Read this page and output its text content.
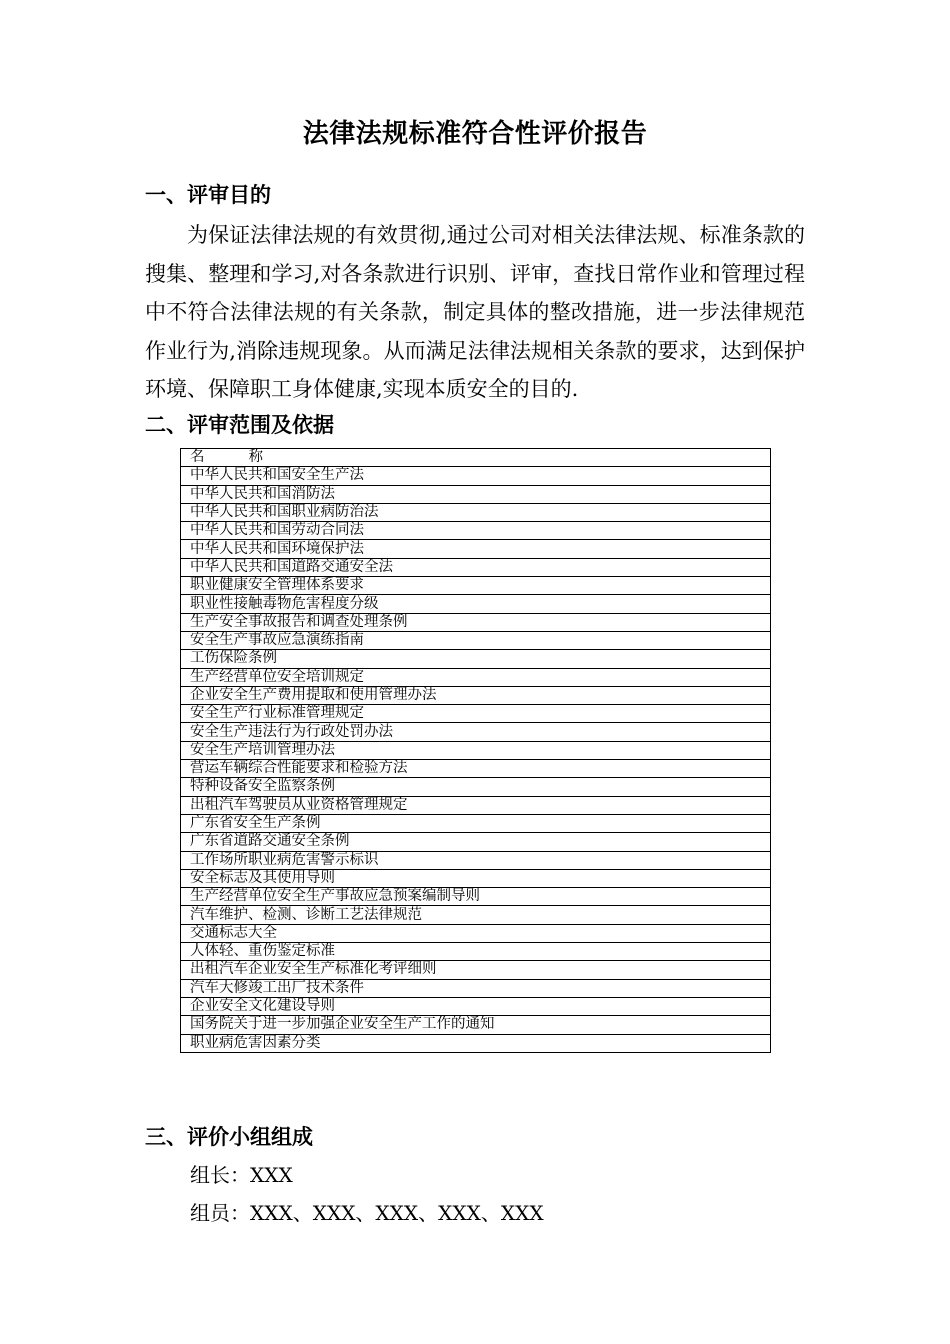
法律法规标准符合性评价报告
一、评审目的
为保证法律法规的有效贯彻,通过公司对相关法律法规、标准条款的搜集、整理和学习,对各条款进行识别、评审，查找日常作业和管理过程中不符合法律法规的有关条款，制定具体的整改措施，进一步法律规范作业行为,消除违规现象。从而满足法律法规相关条款的要求，达到保护环境、保障职工身体健康,实现本质安全的目的.
二、评审范围及依据
名	称
中华人民共和国安全生产法
中华人民共和国消防法
中华人民共和国职业病防治法
中华人民共和国劳动合同法
中华人民共和国环境保护法
中华人民共和国道路交通安全法
职业健康安全管理体系要求
职业性接触毒物危害程度分级
生产安全事故报告和调查处理条例
安全生产事故应急演练指南
工伤保险条例
生产经营单位安全培训规定
企业安全生产费用提取和使用管理办法
安全生产行业标准管理规定
安全生产违法行为行政处罚办法
安全生产培训管理办法
营运车辆综合性能要求和检验方法
特种设备安全监察条例
出租汽车驾驶员从业资格管理规定
广东省安全生产条例
广东省道路交通安全条例
工作场所职业病危害警示标识
安全标志及其使用导则
生产经营单位安全生产事故应急预案编制导则
汽车维护、检测、诊断工艺法律规范
交通标志大全
人体轻、重伤鉴定标准
出租汽车企业安全生产标准化考评细则
汽车大修竣工出厂技术条件
企业安全文化建设导则
国务院关于进一步加强企业安全生产工作的通知
职业病危害因素分类
三、评价小组组成
组长：XXX
组员：XXX、XXX、XXX、XXX、XXX
